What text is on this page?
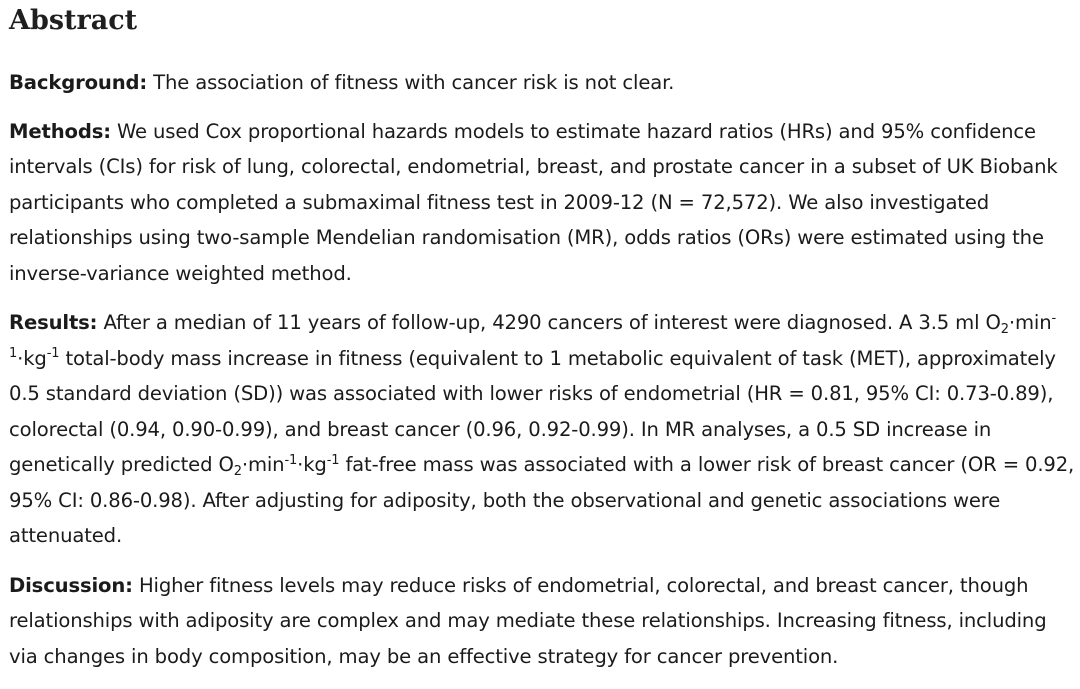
Abstract

Background: The association of fitness with cancer risk is not clear.

Methods: We used Cox proportional hazards models to estimate hazard ratios (HRs) and 95% confidence intervals (CIs) for risk of lung, colorectal, endometrial, breast, and prostate cancer in a subset of UK Biobank participants who completed a submaximal fitness test in 2009-12 (N = 72,572). We also investigated relationships using two-sample Mendelian randomisation (MR), odds ratios (ORs) were estimated using the inverse-variance weighted method.

Results: After a median of 11 years of follow-up, 4290 cancers of interest were diagnosed. A 3.5 ml $O_2\cdot\min^{-1}\cdot kg^{-1}$ total-body mass increase in fitness (equivalent to 1 metabolic equivalent of task (MET), approximately 0.5 standard deviation (SD)) was associated with lower risks of endometrial (HR = 0.81, 95% CI: 0.73-0.89), colorectal (0.94, 0.90-0.99), and breast cancer (0.96, 0.92-0.99). In MR analyses, a 0.5 SD increase in genetically predicted $O_2\cdot\min^{-1}\cdot kg^{-1}$ fat-free mass was associated with a lower risk of breast cancer (OR = 0.92, 95% CI: 0.86-0.98). After adjusting for adiposity, both the observational and genetic associations were attenuated.

Discussion: Higher fitness levels may reduce risks of endometrial, colorectal, and breast cancer, though relationships with adiposity are complex and may mediate these relationships. Increasing fitness, including via changes in body composition, may be an effective strategy for cancer prevention.
